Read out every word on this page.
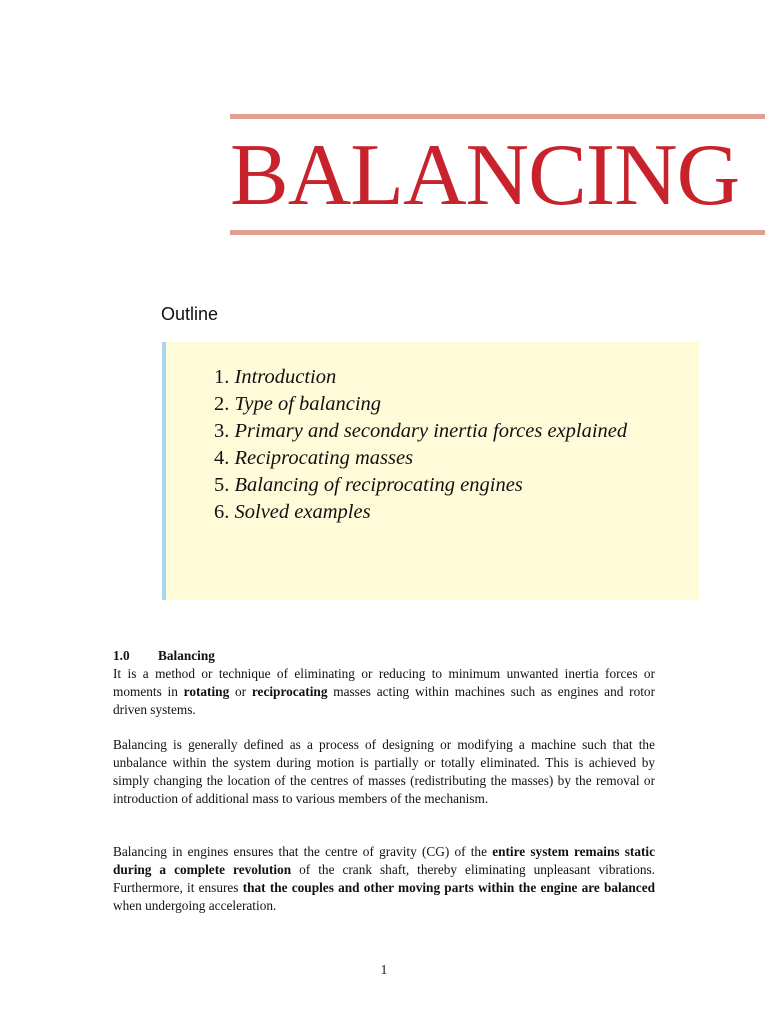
BALANCING
Outline
1. Introduction
2. Type of balancing
3. Primary and secondary inertia forces explained
4. Reciprocating masses
5. Balancing of reciprocating engines
6. Solved examples
1.0 Balancing

It is a method or technique of eliminating or reducing to minimum unwanted inertia forces or moments in rotating or reciprocating masses acting within machines such as engines and rotor driven systems.

Balancing is generally defined as a process of designing or modifying a machine such that the unbalance within the system during motion is partially or totally eliminated. This is achieved by simply changing the location of the centres of masses (redistributing the masses) by the removal or introduction of additional mass to various members of the mechanism.

Balancing in engines ensures that the centre of gravity (CG) of the entire system remains static during a complete revolution of the crank shaft, thereby eliminating unpleasant vibrations. Furthermore, it ensures that the couples and other moving parts within the engine are balanced when undergoing acceleration.

1
